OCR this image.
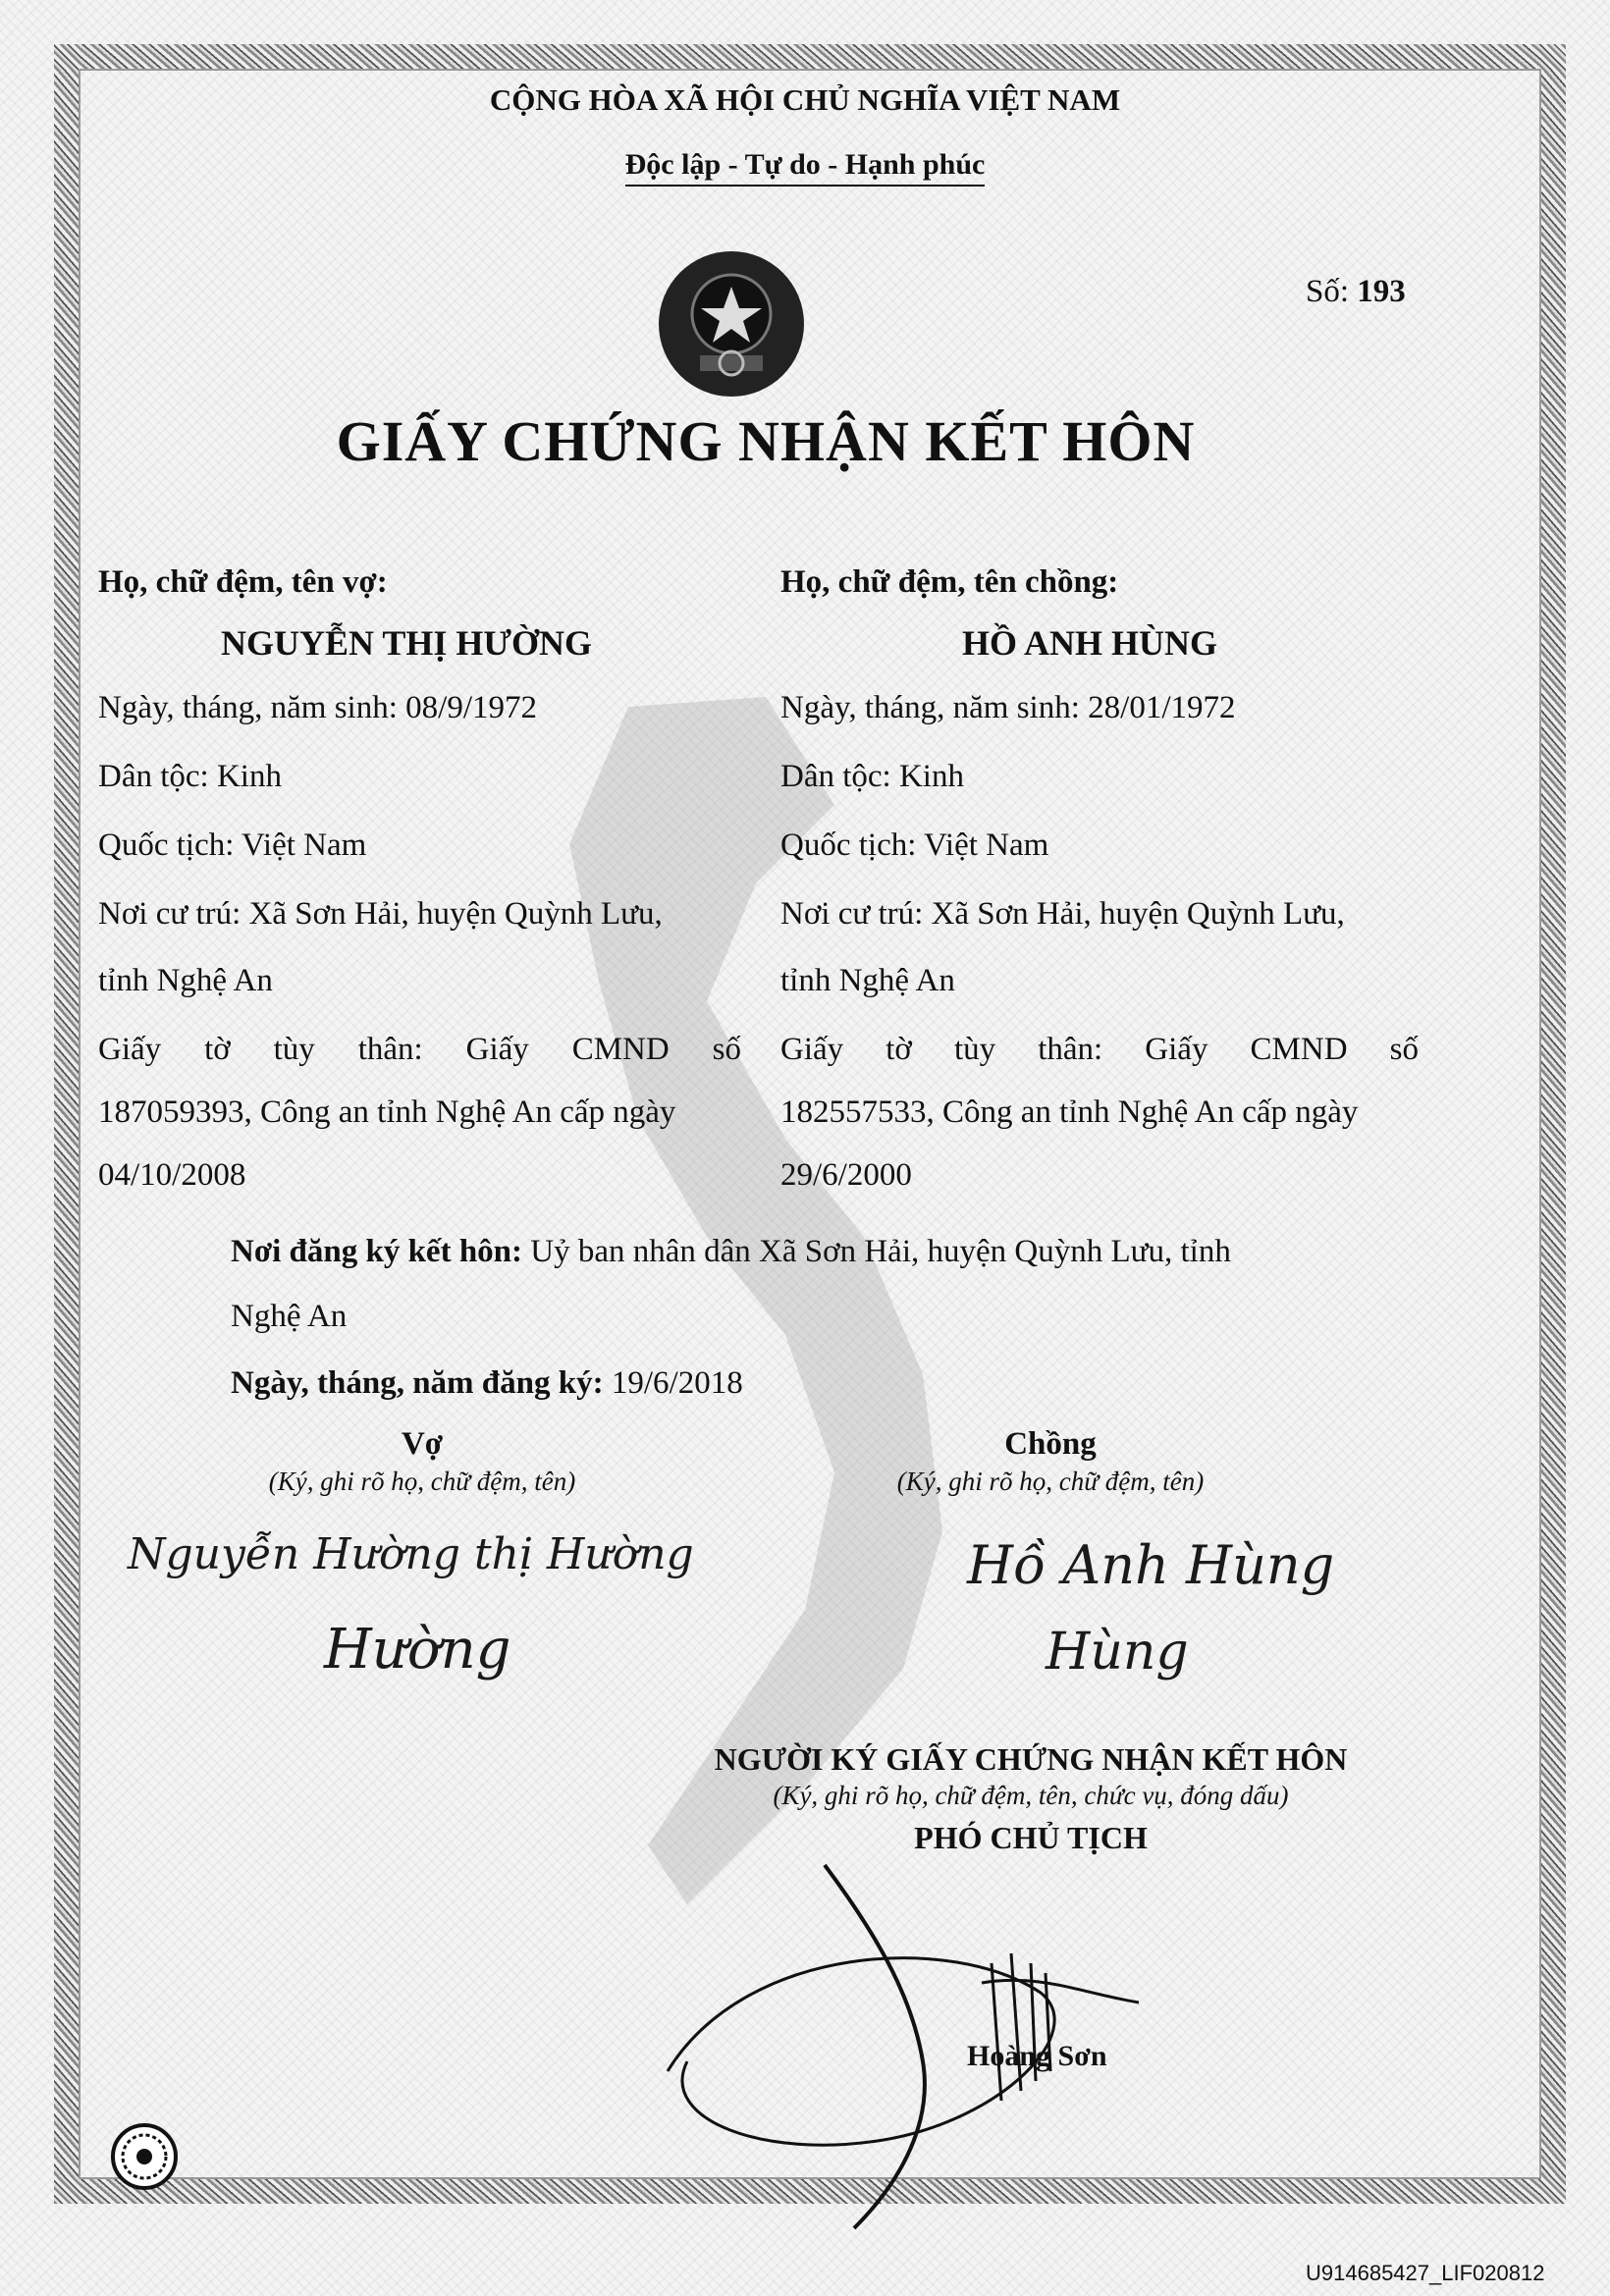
CỘNG HÒA XÃ HỘI CHỦ NGHĨA VIỆT NAM
Độc lập - Tự do - Hạnh phúc
Số: 193
GIẤY CHỨNG NHẬN KẾT HÔN
Họ, chữ đệm, tên vợ:
NGUYỄN THỊ HƯỜNG
Ngày, tháng, năm sinh: 08/9/1972
Dân tộc: Kinh
Quốc tịch: Việt Nam
Nơi cư trú: Xã Sơn Hải, huyện Quỳnh Lưu,
tỉnh Nghệ An
Giấy tờ tùy thân: Giấy CMND số
187059393, Công an tỉnh Nghệ An cấp ngày
04/10/2008
Họ, chữ đệm, tên chồng:
HỒ ANH HÙNG
Ngày, tháng, năm sinh: 28/01/1972
Dân tộc: Kinh
Quốc tịch: Việt Nam
Nơi cư trú: Xã Sơn Hải, huyện Quỳnh Lưu,
tỉnh Nghệ An
Giấy tờ tùy thân: Giấy CMND số
182557533, Công an tỉnh Nghệ An cấp ngày
29/6/2000
Nơi đăng ký kết hôn: Uỷ ban nhân dân Xã Sơn Hải, huyện Quỳnh Lưu, tỉnh
Nghệ An
Ngày, tháng, năm đăng ký: 19/6/2018
Vợ
(Ký, ghi rõ họ, chữ đệm, tên)
Chồng
(Ký, ghi rõ họ, chữ đệm, tên)
Nguyễn Hường thị Hường
Hường
Hồ Anh Hùng
Hùng
NGƯỜI KÝ GIẤY CHỨNG NHẬN KẾT HÔN
(Ký, ghi rõ họ, chữ đệm, tên, chức vụ, đóng dấu)
PHÓ CHỦ TỊCH
Hoàng Sơn
U914685427_LIF020812
